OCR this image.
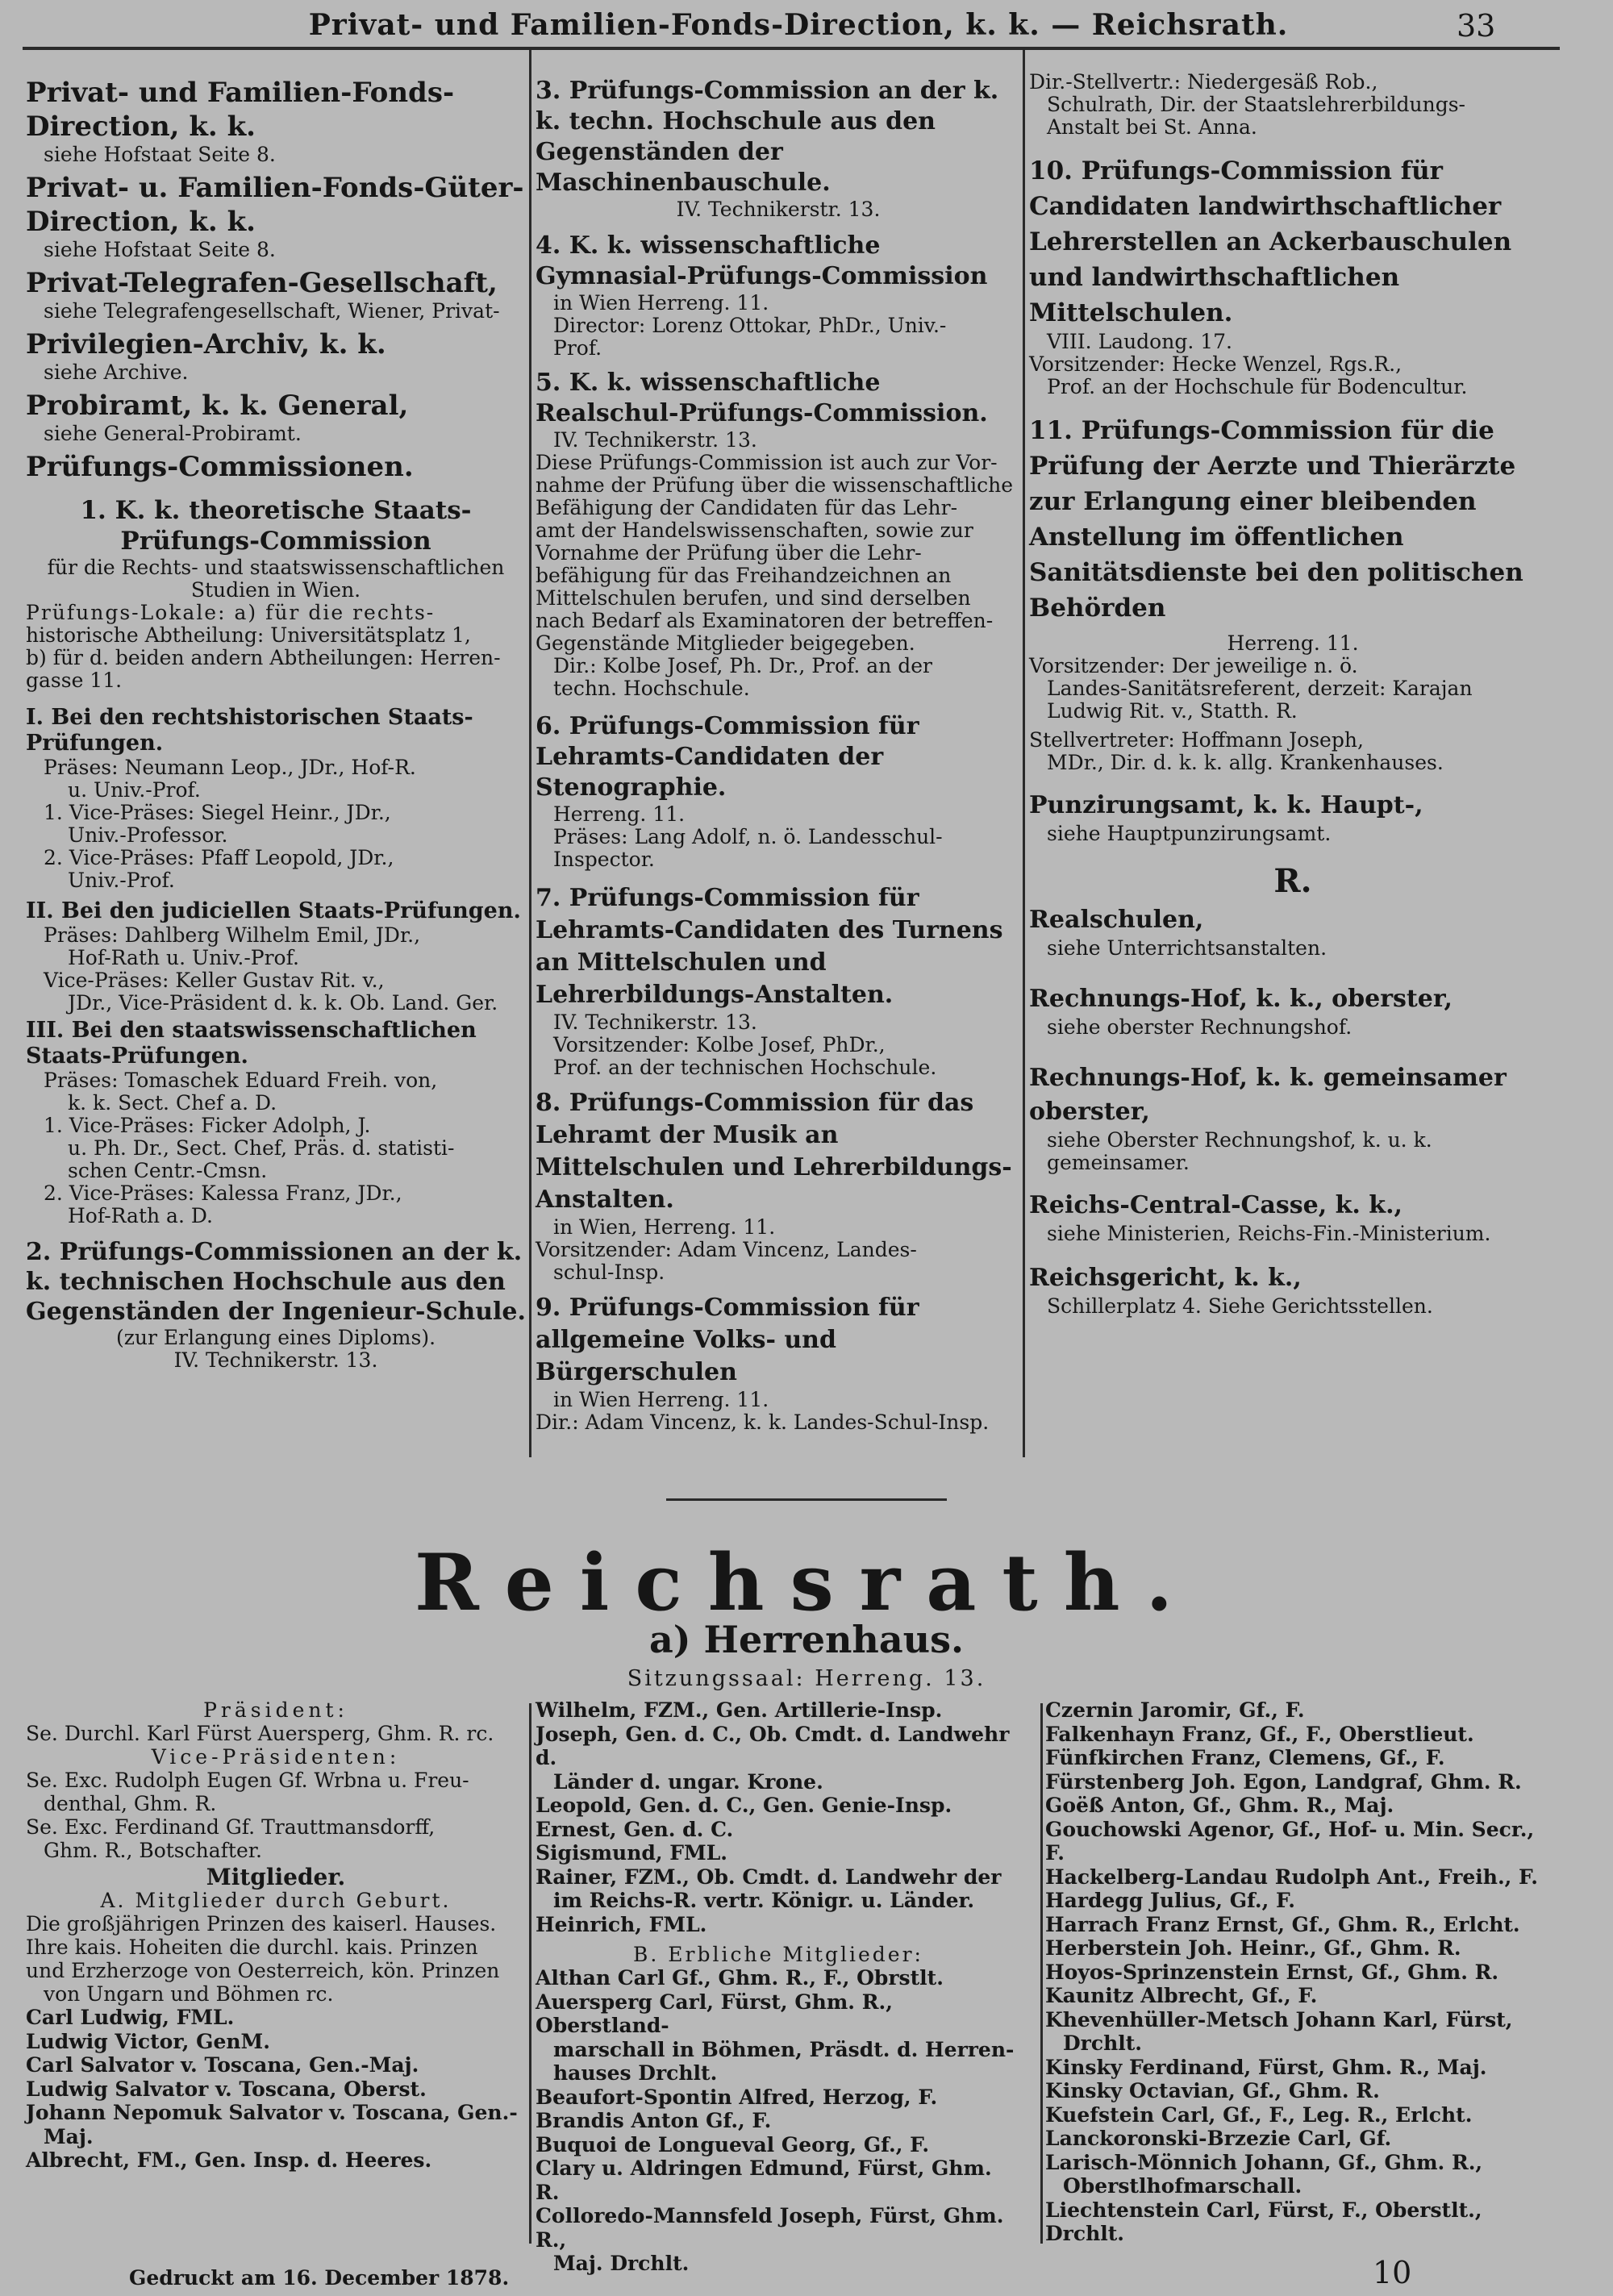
Privat- und Familien-Fonds-Direction, k. k. — Reichsrath.	33
Privat- und Familien-Fonds-Direction, k. k.
siehe Hofstaat Seite 8.
Privat- u. Familien-Fonds-Güter-Direction, k. k.
siehe Hofstaat Seite 8.
Privat-Telegrafen-Gesellschaft,
siehe Telegrafengesellschaft, Wiener, Privat-
Privilegien-Archiv, k. k.
siehe Archive.
Probiramt, k. k. General,
siehe General-Probiramt.
Prüfungs-Commissionen.
1. K. k. theoretische Staats-Prüfungs-Commission
für die Rechts- und staatswissenschaftlichen Studien in Wien.
Prüfungs-Lokale: a) für die rechts-
historische Abtheilung: Universitätsplatz 1,
b) für d. beiden andern Abtheilungen: Herren-
gasse 11.
I. Bei den rechtshistorischen Staats-Prüfungen.
Präses: Neumann Leop., JDr., Hof-R.
u. Univ.-Prof.
1. Vice-Präses: Siegel Heinr., JDr.,
Univ.-Professor.
2. Vice-Präses: Pfaff Leopold, JDr.,
Univ.-Prof.
II. Bei den judiciellen Staats-Prüfungen.
Präses: Dahlberg Wilhelm Emil, JDr.,
Hof-Rath u. Univ.-Prof.
Vice-Präses: Keller Gustav Rit. v.,
JDr., Vice-Präsident d. k. k. Ob. Land. Ger.
III. Bei den staatswissenschaftlichen Staats-Prüfungen.
Präses: Tomaschek Eduard Freih. von,
k. k. Sect. Chef a. D.
1. Vice-Präses: Ficker Adolph, J.
u. Ph. Dr., Sect. Chef, Präs. d. statisti-
schen Centr.-Cmsn.
2. Vice-Präses: Kalessa Franz, JDr.,
Hof-Rath a. D.
2. Prüfungs-Commissionen an der k. k. technischen Hochschule aus den Gegenständen der Ingenieur-Schule.
(zur Erlangung eines Diploms).
IV. Technikerstr. 13.
3. Prüfungs-Commission an der k. k. techn. Hochschule aus den Gegenständen der Maschinenbauschule.
IV. Technikerstr. 13.
4. K. k. wissenschaftliche Gymnasial-Prüfungs-Commission
in Wien Herreng. 11.
Director: Lorenz Ottokar, PhDr., Univ.-
Prof.
5. K. k. wissenschaftliche Realschul-Prüfungs-Commission.
IV. Technikerstr. 13.
Diese Prüfungs-Commission ist auch zur Vor-
nahme der Prüfung über die wissenschaftliche
Befähigung der Candidaten für das Lehr-
amt der Handelswissenschaften, sowie zur
Vornahme der Prüfung über die Lehr-
befähigung für das Freihandzeichnen an
Mittelschulen berufen, und sind derselben
nach Bedarf als Examinatoren der betreffen-
Gegenstände Mitglieder beigegeben.
Dir.: Kolbe Josef, Ph. Dr., Prof. an der
techn. Hochschule.
6. Prüfungs-Commission für Lehramts-Candidaten der Stenographie.
Herreng. 11.
Präses: Lang Adolf, n. ö. Landesschul-
Inspector.
7. Prüfungs-Commission für Lehramts-Candidaten des Turnens an Mittelschulen und Lehrerbildungs-Anstalten.
IV. Technikerstr. 13.
Vorsitzender: Kolbe Josef, PhDr.,
Prof. an der technischen Hochschule.
8. Prüfungs-Commission für das Lehramt der Musik an Mittelschulen und Lehrerbildungs-Anstalten.
in Wien, Herreng. 11.
Vorsitzender: Adam Vincenz, Landes-
schul-Insp.
9. Prüfungs-Commission für allgemeine Volks- und Bürgerschulen
in Wien Herreng. 11.
Dir.: Adam Vincenz, k. k. Landes-Schul-Insp.
Dir.-Stellvertr.: Niedergesäß Rob.,
Schulrath, Dir. der Staatslehrerbildungs-
Anstalt bei St. Anna.
10. Prüfungs-Commission für Candidaten landwirthschaftlicher Lehrerstellen an Ackerbauschulen und landwirthschaftlichen Mittelschulen.
VIII. Laudong. 17.
Vorsitzender: Hecke Wenzel, Rgs.R.,
Prof. an der Hochschule für Bodencultur.
11. Prüfungs-Commission für die Prüfung der Aerzte und Thierärzte zur Erlangung einer bleibenden Anstellung im öffentlichen Sanitätsdienste bei den politischen Behörden
Herreng. 11.
Vorsitzender: Der jeweilige n. ö.
Landes-Sanitätsreferent, derzeit: Karajan
Ludwig Rit. v., Statth. R.
Stellvertreter: Hoffmann Joseph,
MDr., Dir. d. k. k. allg. Krankenhauses.
Punzirungsamt, k. k. Haupt-,
siehe Hauptpunzirungsamt.
R.
Realschulen,
siehe Unterrichtsanstalten.
Rechnungs-Hof, k. k., oberster,
siehe oberster Rechnungshof.
Rechnungs-Hof, k. k. gemeinsamer oberster,
siehe Oberster Rechnungshof, k. u. k. gemeinsamer.
Reichs-Central-Casse, k. k.,
siehe Ministerien, Reichs-Fin.-Ministerium.
Reichsgericht, k. k.,
Schillerplatz 4. Siehe Gerichtsstellen.
Reichsrath.
a) Herrenhaus.
Sitzungssaal: Herreng. 13.
Präsident:
Se. Durchl. Karl Fürst Auersperg, Ghm. R. rc.
Vice-Präsidenten:
Se. Exc. Rudolph Eugen Gf. Wrbna u. Freu-
denthal, Ghm. R.
Se. Exc. Ferdinand Gf. Trauttmansdorff,
Ghm. R., Botschafter.
Mitglieder.
A. Mitglieder durch Geburt.
Die großjährigen Prinzen des kaiserl. Hauses.
Ihre kais. Hoheiten die durchl. kais. Prinzen
und Erzherzoge von Oesterreich, kön. Prinzen
von Ungarn und Böhmen rc.
Carl Ludwig, FML.
Ludwig Victor, GenM.
Carl Salvator v. Toscana, Gen.-Maj.
Ludwig Salvator v. Toscana, Oberst.
Johann Nepomuk Salvator v. Toscana, Gen.-
Maj.
Albrecht, FM., Gen. Insp. d. Heeres.
Wilhelm, FZM., Gen. Artillerie-Insp.
Joseph, Gen. d. C., Ob. Cmdt. d. Landwehr d.
Länder d. ungar. Krone.
Leopold, Gen. d. C., Gen. Genie-Insp.
Ernest, Gen. d. C.
Sigismund, FML.
Rainer, FZM., Ob. Cmdt. d. Landwehr der
im Reichs-R. vertr. Königr. u. Länder.
Heinrich, FML.
B. Erbliche Mitglieder:
Althan Carl Gf., Ghm. R., F., Obrstlt.
Auersperg Carl, Fürst, Ghm. R., Oberstland-
marschall in Böhmen, Präsdt. d. Herren-
hauses Drchlt.
Beaufort-Spontin Alfred, Herzog, F.
Brandis Anton Gf., F.
Buquoi de Longueval Georg, Gf., F.
Clary u. Aldringen Edmund, Fürst, Ghm. R.
Colloredo-Mannsfeld Joseph, Fürst, Ghm. R.,
Maj. Drchlt.
Czernin Jaromir, Gf., F.
Falkenhayn Franz, Gf., F., Oberstlieut.
Fünfkirchen Franz, Clemens, Gf., F.
Fürstenberg Joh. Egon, Landgraf, Ghm. R.
Goëß Anton, Gf., Ghm. R., Maj.
Gouchowski Agenor, Gf., Hof- u. Min. Secr., F.
Hackelberg-Landau Rudolph Ant., Freih., F.
Hardegg Julius, Gf., F.
Harrach Franz Ernst, Gf., Ghm. R., Erlcht.
Herberstein Joh. Heinr., Gf., Ghm. R.
Hoyos-Sprinzenstein Ernst, Gf., Ghm. R.
Kaunitz Albrecht, Gf., F.
Khevenhüller-Metsch Johann Karl, Fürst,
Drchlt.
Kinsky Ferdinand, Fürst, Ghm. R., Maj.
Kinsky Octavian, Gf., Ghm. R.
Kuefstein Carl, Gf., F., Leg. R., Erlcht.
Lanckoronski-Brzezie Carl, Gf.
Larisch-Mönnich Johann, Gf., Ghm. R.,
Oberstlhofmarschall.
Liechtenstein Carl, Fürst, F., Oberstlt., Drchlt.
Gedruckt am 16. December 1878.	10
